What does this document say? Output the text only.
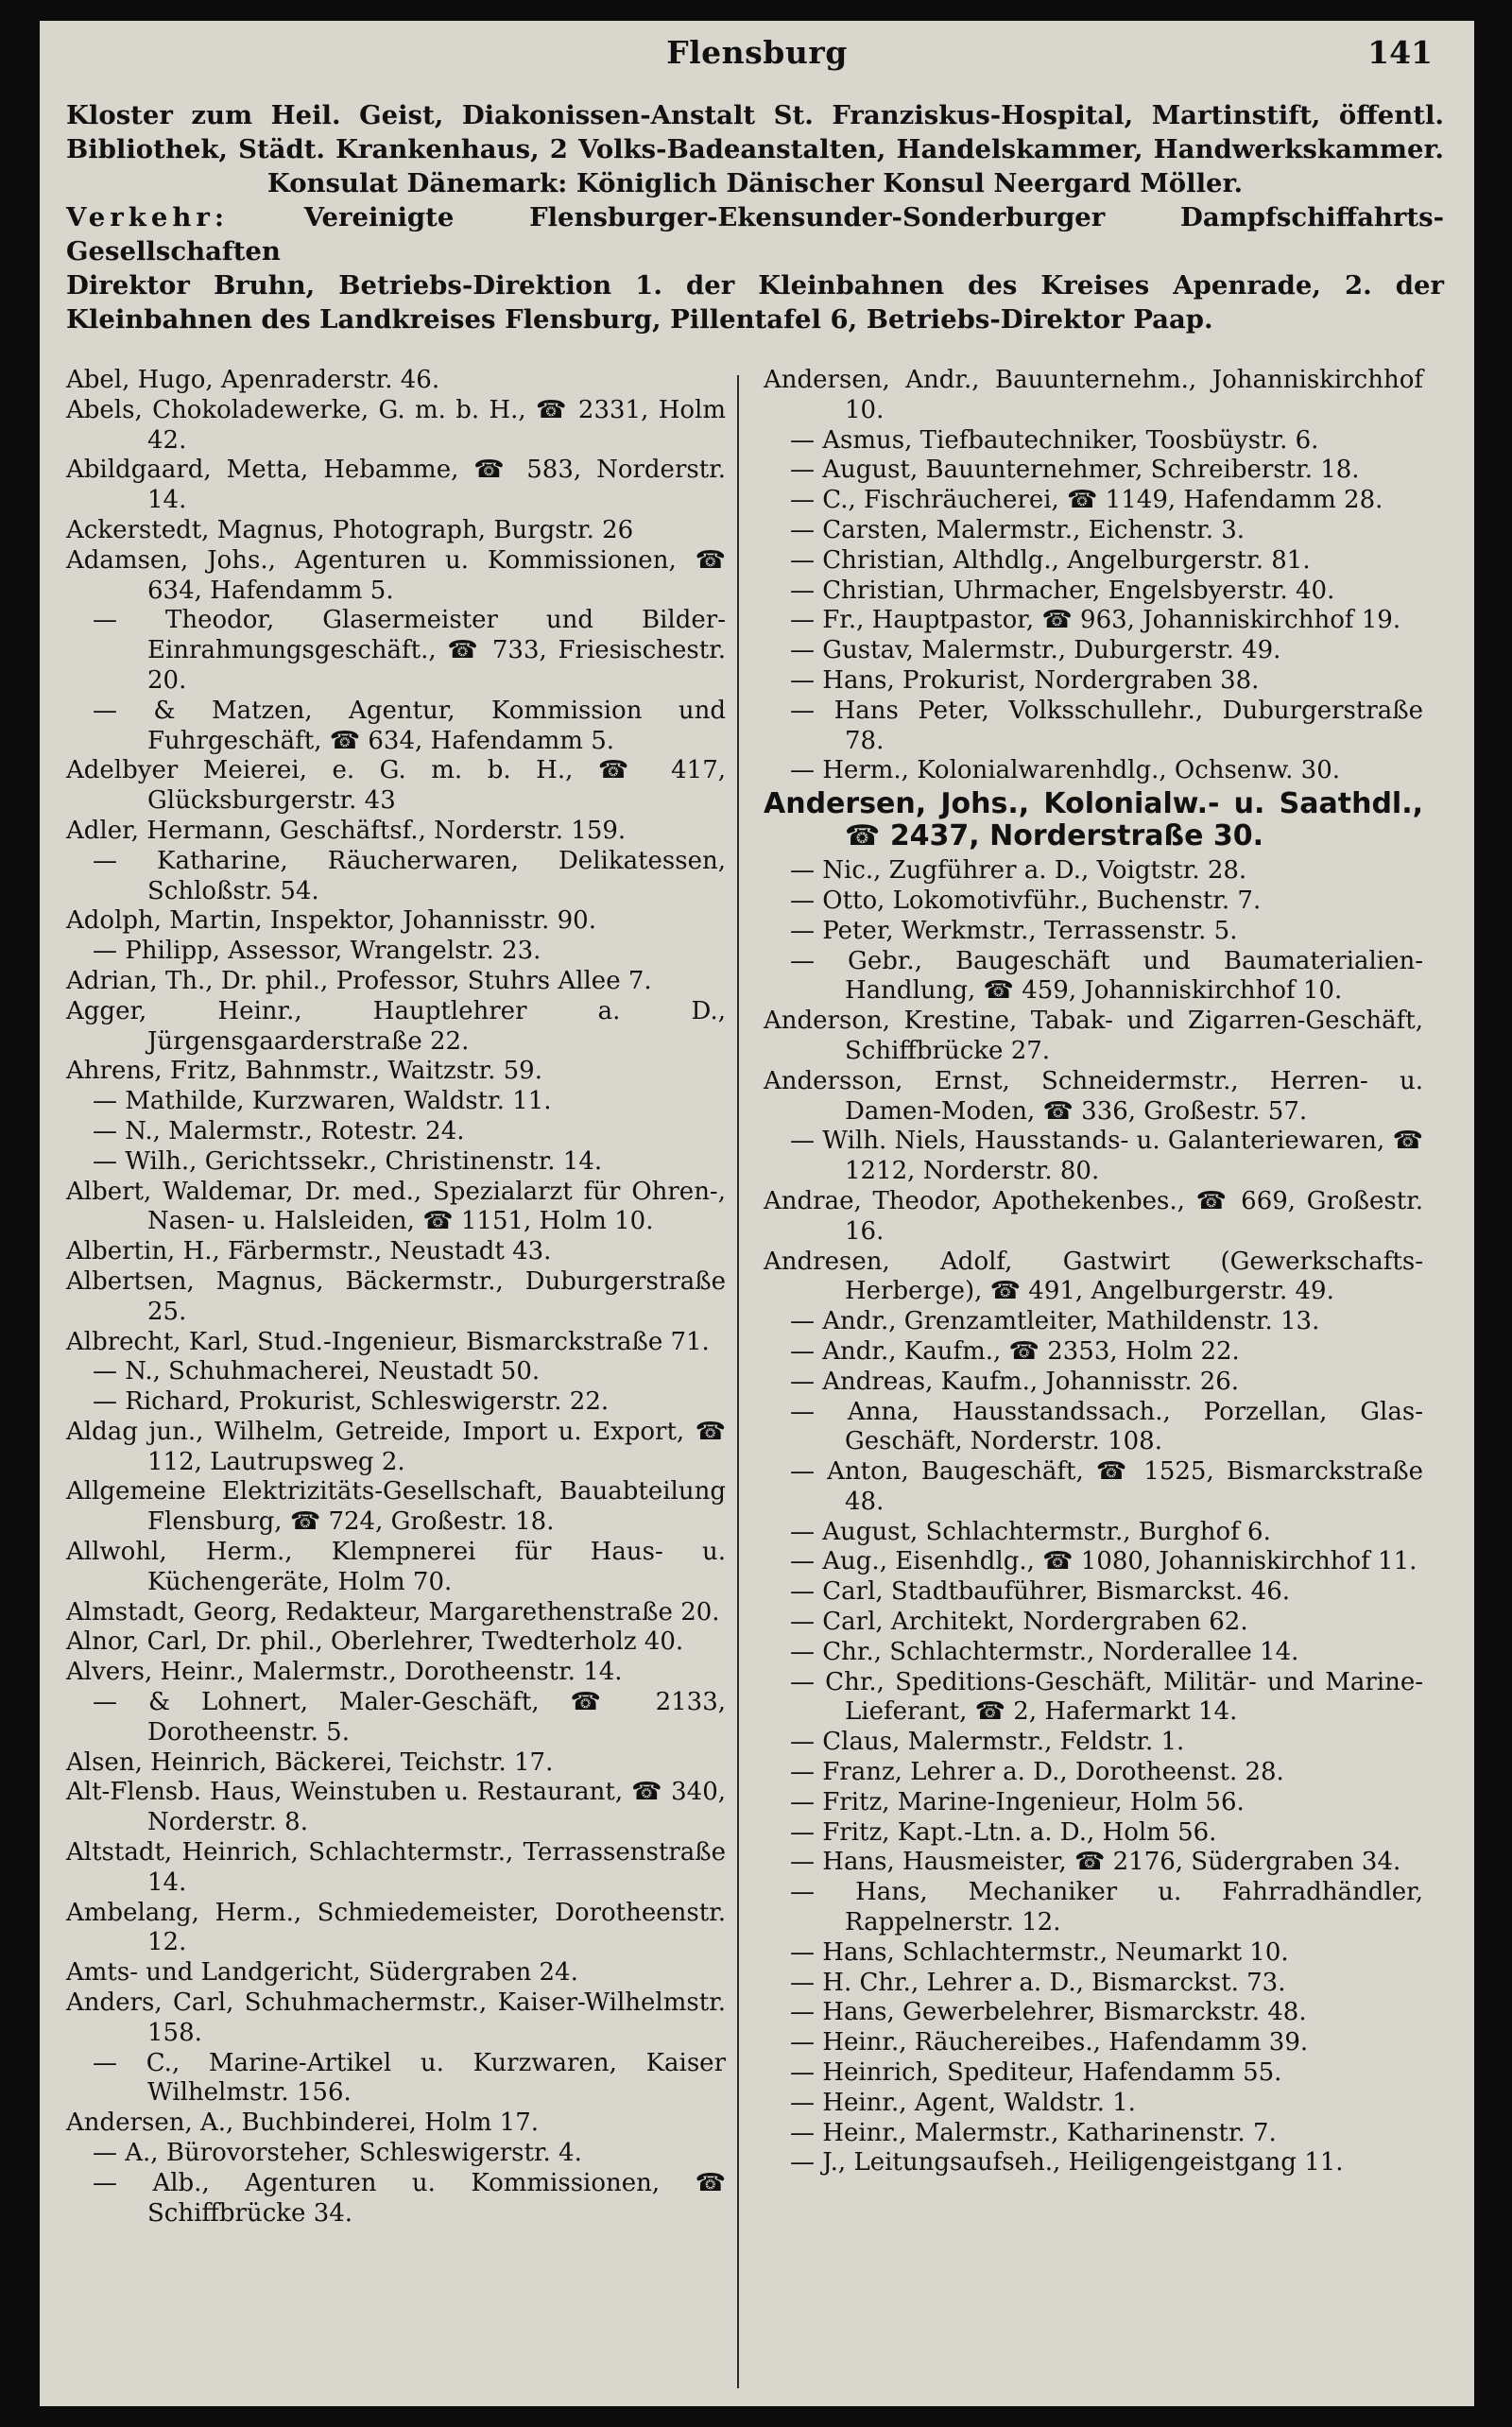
Flensburg	141

Kloster zum Heil. Geist, Diakonissen-Anstalt St. Franziskus-Hospital, Martinstift, öffentl.

Bibliothek, Städt. Krankenhaus, 2 Volks-Badeanstalten, Handelskammer, Handwerkskammer.

Konsulat Dänemark: Königlich Dänischer Konsul Neergard Möller.

Verkehr: Vereinigte Flensburger-Ekensunder-Sonderburger Dampfschiffahrts-Gesellschaften

Direktor Bruhn, Betriebs-Direktion 1. der Kleinbahnen des Kreises Apenrade, 2. der

Kleinbahnen des Landkreises Flensburg, Pillentafel 6, Betriebs-Direktor Paap.

Abel, Hugo, Apenraderstr. 46.
Abels, Chokoladewerke, G. m. b. H., ☎ 2331, Holm 42.
Abildgaard, Metta, Hebamme, ☎ 583, Norderstr. 14.
Ackerstedt, Magnus, Photograph, Burgstr. 26
Adamsen, Johs., Agenturen u. Kommissionen, ☎ 634, Hafendamm 5.
— Theodor, Glasermeister und Bilder-Einrahmungsgeschäft., ☎ 733, Friesischestr. 20.
— & Matzen, Agentur, Kommission und Fuhrgeschäft, ☎ 634, Hafendamm 5.
Adelbyer Meierei, e. G. m. b. H., ☎ 417, Glücksburgerstr. 43
Adler, Hermann, Geschäftsf., Norderstr. 159.
— Katharine, Räucherwaren, Delikatessen, Schloßstr. 54.
Adolph, Martin, Inspektor, Johannisstr. 90.
— Philipp, Assessor, Wrangelstr. 23.
Adrian, Th., Dr. phil., Professor, Stuhrs Allee 7.
Agger, Heinr., Hauptlehrer a. D., Jürgensgaarderstraße 22.
Ahrens, Fritz, Bahnmstr., Waitzstr. 59.
— Mathilde, Kurzwaren, Waldstr. 11.
— N., Malermstr., Rotestr. 24.
— Wilh., Gerichtssekr., Christinenstr. 14.
Albert, Waldemar, Dr. med., Spezialarzt für Ohren-, Nasen- u. Halsleiden, ☎ 1151, Holm 10.
Albertin, H., Färbermstr., Neustadt 43.
Albertsen, Magnus, Bäckermstr., Duburgerstraße 25.
Albrecht, Karl, Stud.-Ingenieur, Bismarckstraße 71.
— N., Schuhmacherei, Neustadt 50.
— Richard, Prokurist, Schleswigerstr. 22.
Aldag jun., Wilhelm, Getreide, Import u. Export, ☎ 112, Lautrupsweg 2.
Allgemeine Elektrizitäts-Gesellschaft, Bauabteilung Flensburg, ☎ 724, Großestr. 18.
Allwohl, Herm., Klempnerei für Haus- u. Küchengeräte, Holm 70.
Almstadt, Georg, Redakteur, Margarethenstraße 20.
Alnor, Carl, Dr. phil., Oberlehrer, Twedterholz 40.
Alvers, Heinr., Malermstr., Dorotheenstr. 14.
— & Lohnert, Maler-Geschäft, ☎ 2133, Dorotheenstr. 5.
Alsen, Heinrich, Bäckerei, Teichstr. 17.
Alt-Flensb. Haus, Weinstuben u. Restaurant, ☎ 340, Norderstr. 8.
Altstadt, Heinrich, Schlachtermstr., Terrassenstraße 14.
Ambelang, Herm., Schmiedemeister, Dorotheenstr. 12.
Amts- und Landgericht, Südergraben 24.
Anders, Carl, Schuhmachermstr., Kaiser-Wilhelmstr. 158.
— C., Marine-Artikel u. Kurzwaren, Kaiser Wilhelmstr. 156.
Andersen, A., Buchbinderei, Holm 17.
— A., Bürovorsteher, Schleswigerstr. 4.
— Alb., Agenturen u. Kommissionen, ☎ Schiffbrücke 34.
Andersen, Andr., Bauunternehm., Johanniskirchhof 10.
— Asmus, Tiefbautechniker, Toosbüystr. 6.
— August, Bauunternehmer, Schreiberstr. 18.
— C., Fischräucherei, ☎ 1149, Hafendamm 28.
— Carsten, Malermstr., Eichenstr. 3.
— Christian, Althdlg., Angelburgerstr. 81.
— Christian, Uhrmacher, Engelsbyerstr. 40.
— Fr., Hauptpastor, ☎ 963, Johanniskirchhof 19.
— Gustav, Malermstr., Duburgerstr. 49.
— Hans, Prokurist, Nordergraben 38.
— Hans Peter, Volksschullehr., Duburgerstraße 78.
— Herm., Kolonialwarenhdlg., Ochsenw. 30.
Andersen, Johs., Kolonialw.- u. Saathdl., ☎ 2437, Norderstraße 30.
— Nic., Zugführer a. D., Voigtstr. 28.
— Otto, Lokomotivführ., Buchenstr. 7.
— Peter, Werkmstr., Terrassenstr. 5.
— Gebr., Baugeschäft und Baumaterialien-Handlung, ☎ 459, Johanniskirchhof 10.
Anderson, Krestine, Tabak- und Zigarren-Geschäft, Schiffbrücke 27.
Andersson, Ernst, Schneidermstr., Herren- u. Damen-Moden, ☎ 336, Großestr. 57.
— Wilh. Niels, Hausstands- u. Galanteriewaren, ☎ 1212, Norderstr. 80.
Andrae, Theodor, Apothekenbes., ☎ 669, Großestr. 16.
Andresen, Adolf, Gastwirt (Gewerkschafts-Herberge), ☎ 491, Angelburgerstr. 49.
— Andr., Grenzamtleiter, Mathildenstr. 13.
— Andr., Kaufm., ☎ 2353, Holm 22.
— Andreas, Kaufm., Johannisstr. 26.
— Anna, Hausstandssach., Porzellan, Glas-Geschäft, Norderstr. 108.
— Anton, Baugeschäft, ☎ 1525, Bismarckstraße 48.
— August, Schlachtermstr., Burghof 6.
— Aug., Eisenhdlg., ☎ 1080, Johanniskirchhof 11.
— Carl, Stadtbauführer, Bismarckst. 46.
— Carl, Architekt, Nordergraben 62.
— Chr., Schlachtermstr., Norderallee 14.
— Chr., Speditions-Geschäft, Militär- und Marine-Lieferant, ☎ 2, Hafermarkt 14.
— Claus, Malermstr., Feldstr. 1.
— Franz, Lehrer a. D., Dorotheenst. 28.
— Fritz, Marine-Ingenieur, Holm 56.
— Fritz, Kapt.-Ltn. a. D., Holm 56.
— Hans, Hausmeister, ☎ 2176, Südergraben 34.
— Hans, Mechaniker u. Fahrradhändler, Rappelnerstr. 12.
— Hans, Schlachtermstr., Neumarkt 10.
— H. Chr., Lehrer a. D., Bismarckst. 73.
— Hans, Gewerbelehrer, Bismarckstr. 48.
— Heinr., Räuchereibes., Hafendamm 39.
— Heinrich, Spediteur, Hafendamm 55.
— Heinr., Agent, Waldstr. 1.
— Heinr., Malermstr., Katharinenstr. 7.
— J., Leitungsaufseh., Heiligengeistgang 11.
